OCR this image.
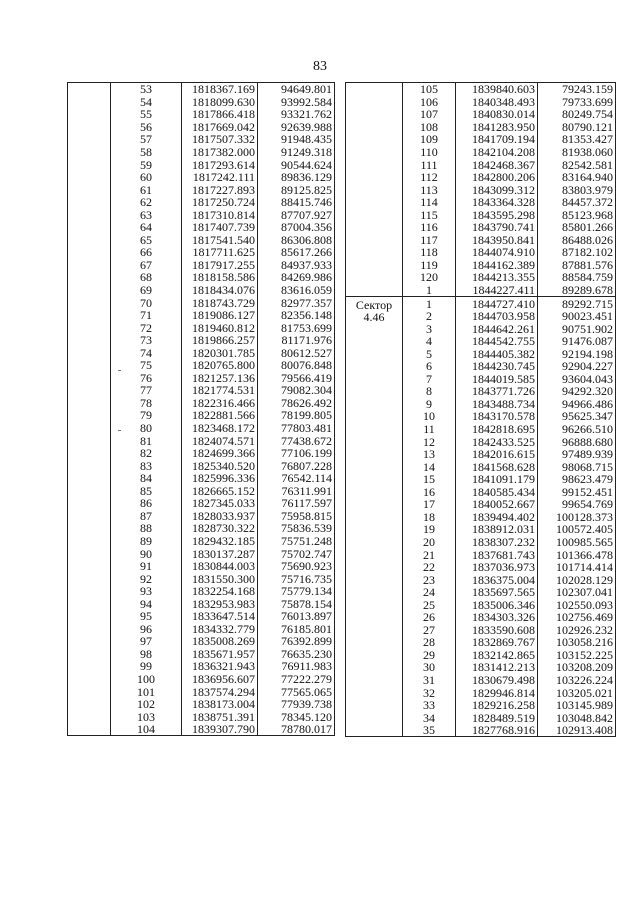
83
	53	1818367.169	94649.801
	54	1818099.630	93992.584
	55	1817866.418	93321.762
	56	1817669.042	92639.988
	57	1817507.332	91948.435
	58	1817382.000	91249.318
	59	1817293.614	90544.624
	60	1817242.111	89836.129
	61	1817227.893	89125.825
	62	1817250.724	88415.746
	63	1817310.814	87707.927
	64	1817407.739	87004.356
	65	1817541.540	86306.808
	66	1817711.625	85617.266
	67	1817917.255	84937.933
	68	1818158.586	84269.986
	69	1818434.076	83616.059
	70	1818743.729	82977.357
	71	1819086.127	82356.148
	72	1819460.812	81753.699
	73	1819866.257	81171.976
	74	1820301.785	80612.527
	75	1820765.800	80076.848
	76	1821257.136	79566.419
	77	1821774.531	79082.304
	78	1822316.466	78626.492
	79	1822881.566	78199.805
	80	1823468.172	77803.481
	81	1824074.571	77438.672
	82	1824699.366	77106.199
	83	1825340.520	76807.228
	84	1825996.336	76542.114
	85	1826665.152	76311.991
	86	1827345.033	76117.597
	87	1828033.937	75958.815
	88	1828730.322	75836.539
	89	1829432.185	75751.248
	90	1830137.287	75702.747
	91	1830844.003	75690.923
	92	1831550.300	75716.735
	93	1832254.168	75779.134
	94	1832953.983	75878.154
	95	1833647.514	76013.897
	96	1834332.779	76185.801
	97	1835008.269	76392.899
	98	1835671.957	76635.230
	99	1836321.943	76911.983
	100	1836956.607	77222.279
	101	1837574.294	77565.065
	102	1838173.004	77939.738
	103	1838751.391	78345.120
	104	1839307.790	78780.017
	105	1839840.603	79243.159
	106	1840348.493	79733.699
	107	1840830.014	80249.754
	108	1841283.950	80790.121
	109	1841709.194	81353.427
	110	1842104.208	81938.060
	111	1842468.367	82542.581
	112	1842800.206	83164.940
	113	1843099.312	83803.979
	114	1843364.328	84457.372
	115	1843595.298	85123.968
	116	1843790.741	85801.266
	117	1843950.841	86488.026
	118	1844074.910	87182.102
	119	1844162.389	87881.576
	120	1844213.355	88584.759
	1	1844227.411	89289.678

Сектор
4.46	1	1844727.410	89292.715
	2	1844703.958	90023.451
	3	1844642.261	90751.902
	4	1844542.755	91476.087
	5	1844405.382	92194.198
	6	1844230.745	92904.227
	7	1844019.585	93604.043
	8	1843771.726	94292.320
	9	1843488.734	94966.486
	10	1843170.578	95625.347
	11	1842818.695	96266.510
	12	1842433.525	96888.680
	13	1842016.615	97489.939
	14	1841568.628	98068.715
	15	1841091.179	98623.479
	16	1840585.434	99152.451
	17	1840052.667	99654.769
	18	1839494.402	100128.373
	19	1838912.031	100572.405
	20	1838307.232	100985.565
	21	1837681.743	101366.478
	22	1837036.973	101714.414
	23	1836375.004	102028.129
	24	1835697.565	102307.041
	25	1835006.346	102550.093
	26	1834303.326	102756.469
	27	1833590.608	102926.232
	28	1832869.767	103058.216
	29	1832142.865	103152.225
	30	1831412.213	103208.209
	31	1830679.498	103226.224
	32	1829946.814	103205.021
	33	1829216.258	103145.989
	34	1828489.519	103048.842
	35	1827768.916	102913.408
